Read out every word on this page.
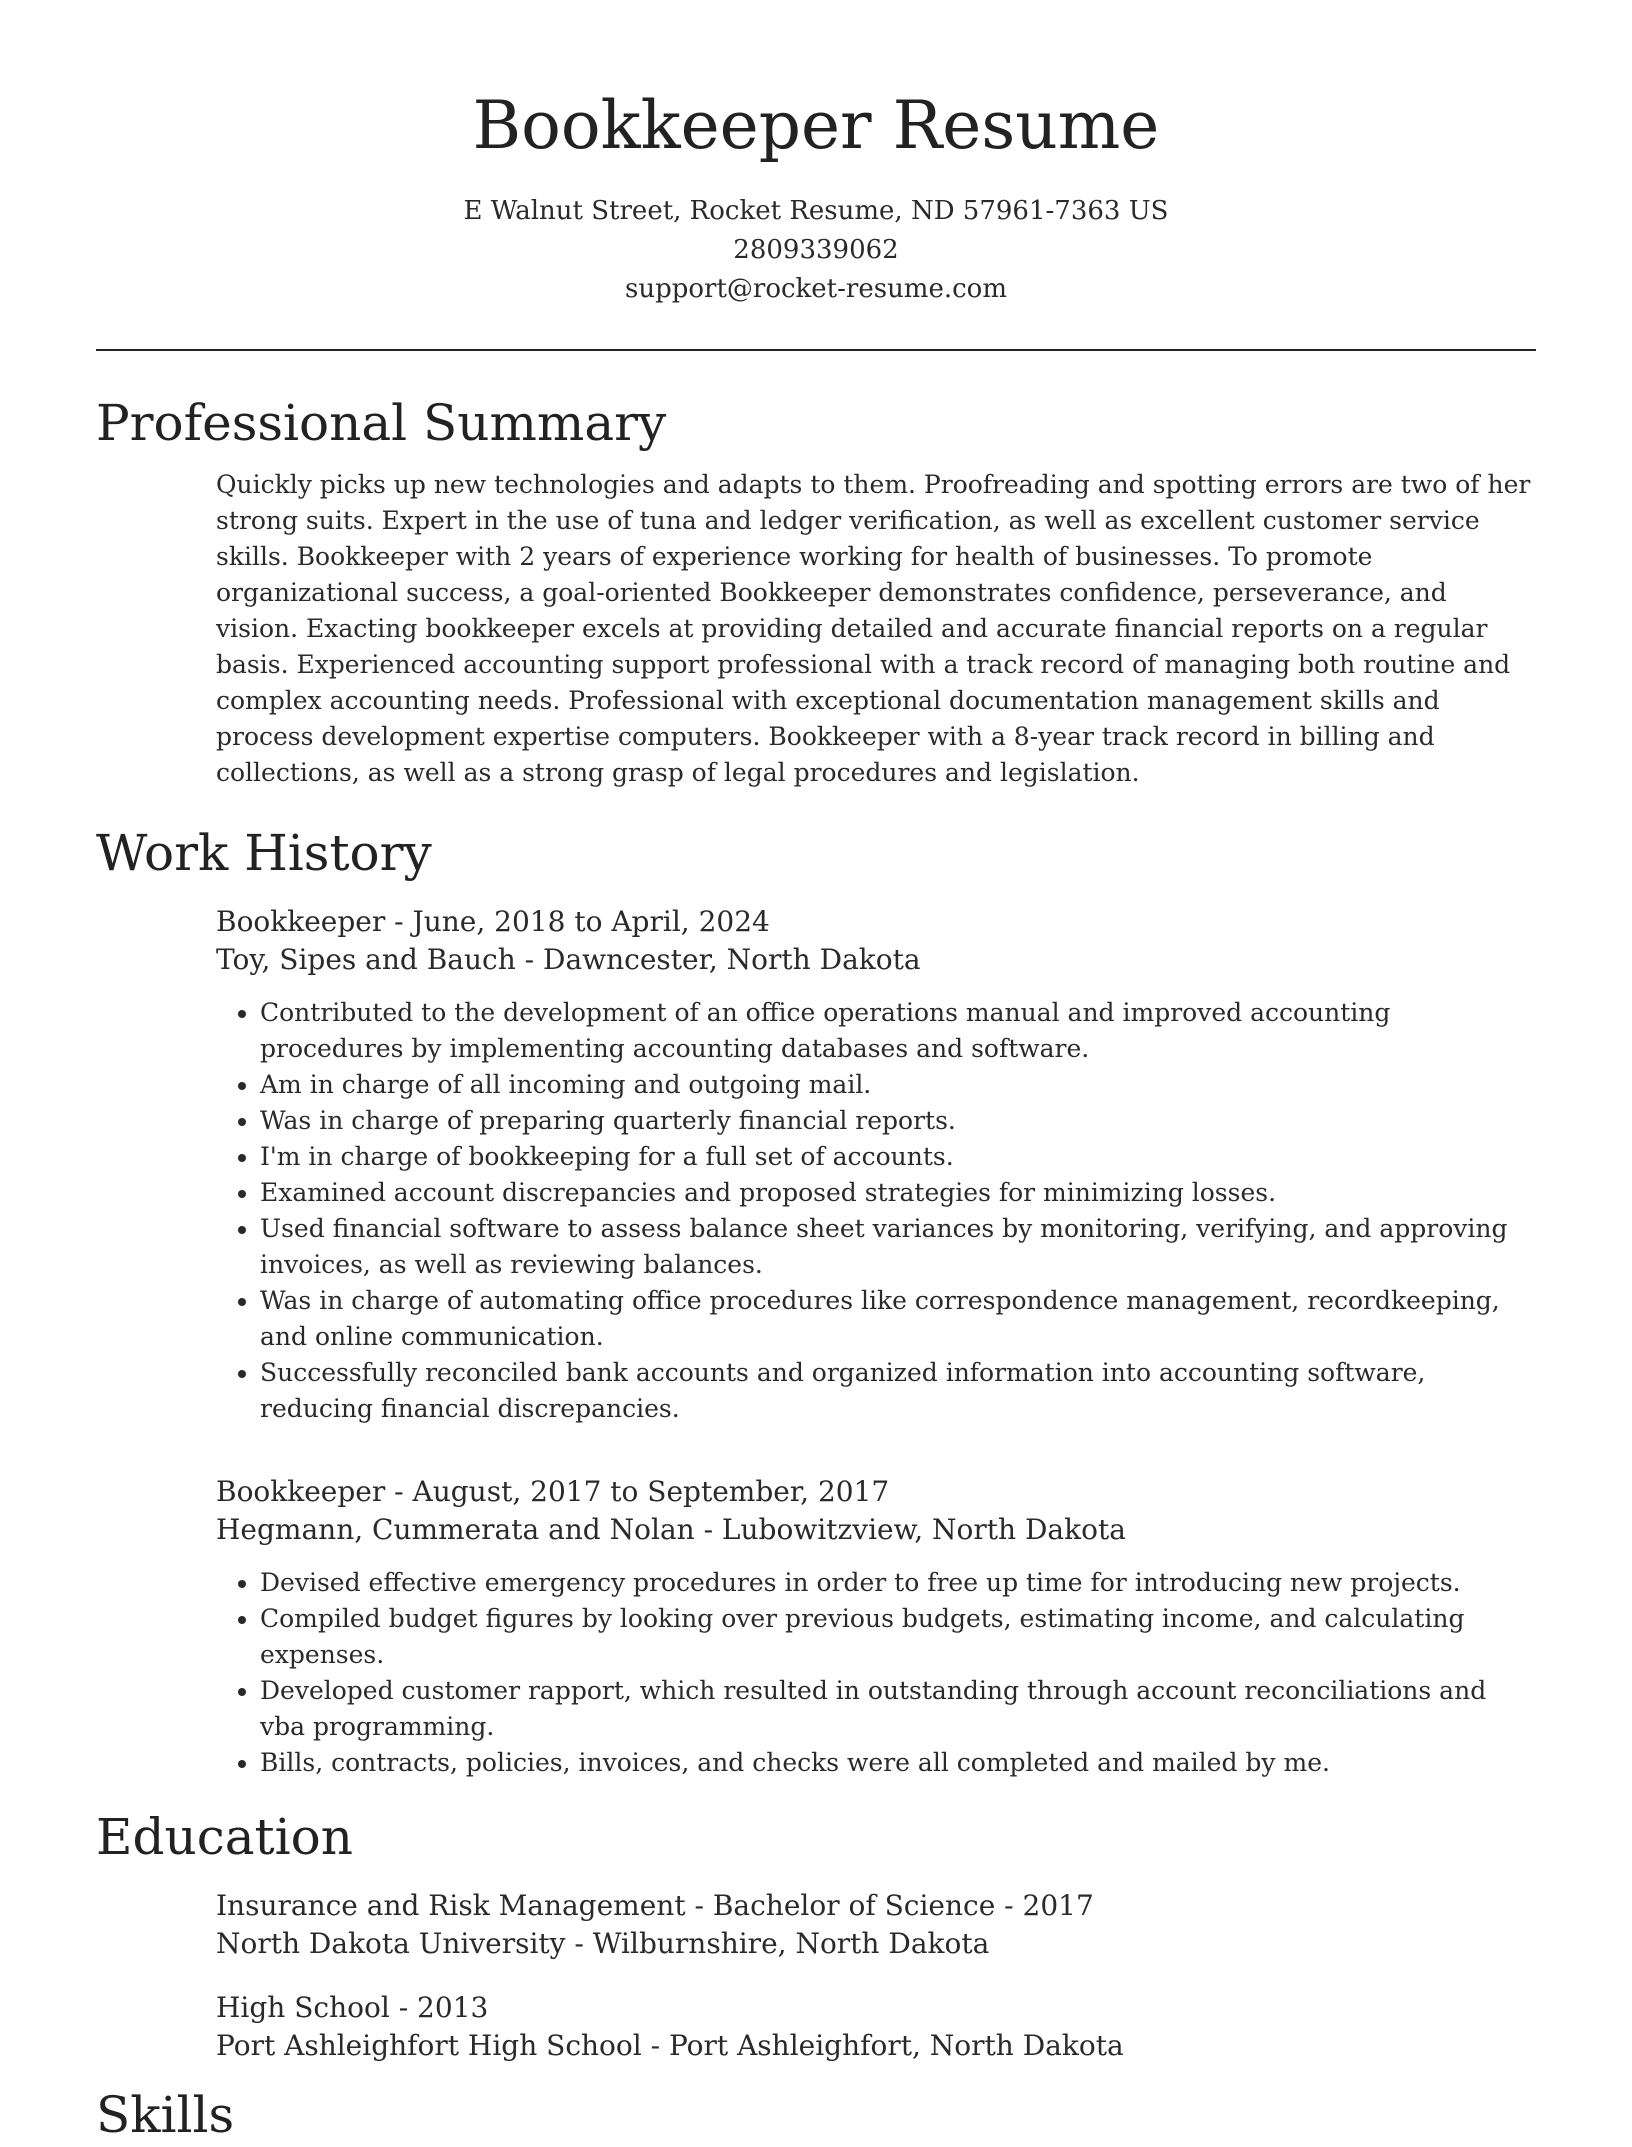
Bookkeeper Resume
E Walnut Street, Rocket Resume, ND 57961-7363 US
2809339062
support@rocket-resume.com
Professional Summary

Quickly picks up new technologies and adapts to them. Proofreading and spotting errors are two of her strong suits. Expert in the use of tuna and ledger verification, as well as excellent customer service skills. Bookkeeper with 2 years of experience working for health of businesses. To promote organizational success, a goal-oriented Bookkeeper demonstrates confidence, perseverance, and vision. Exacting bookkeeper excels at providing detailed and accurate financial reports on a regular basis. Experienced accounting support professional with a track record of managing both routine and complex accounting needs. Professional with exceptional documentation management skills and process development expertise computers. Bookkeeper with a 8-year track record in billing and collections, as well as a strong grasp of legal procedures and legislation.

Work History
Bookkeeper - June, 2018 to April, 2024
Toy, Sipes and Bauch - Dawncester, North Dakota
• Contributed to the development of an office operations manual and improved accounting procedures by implementing accounting databases and software.
• Am in charge of all incoming and outgoing mail.
• Was in charge of preparing quarterly financial reports.
• I'm in charge of bookkeeping for a full set of accounts.
• Examined account discrepancies and proposed strategies for minimizing losses.
• Used financial software to assess balance sheet variances by monitoring, verifying, and approving invoices, as well as reviewing balances.
• Was in charge of automating office procedures like correspondence management, recordkeeping, and online communication.
• Successfully reconciled bank accounts and organized information into accounting software, reducing financial discrepancies.
Bookkeeper - August, 2017 to September, 2017
Hegmann, Cummerata and Nolan - Lubowitzview, North Dakota
• Devised effective emergency procedures in order to free up time for introducing new projects.
• Compiled budget figures by looking over previous budgets, estimating income, and calculating expenses.
• Developed customer rapport, which resulted in outstanding through account reconciliations and vba programming.
• Bills, contracts, policies, invoices, and checks were all completed and mailed by me.
Education
Insurance and Risk Management - Bachelor of Science - 2017
North Dakota University - Wilburnshire, North Dakota
High School - 2013
Port Ashleighfort High School - Port Ashleighfort, North Dakota
Skills
